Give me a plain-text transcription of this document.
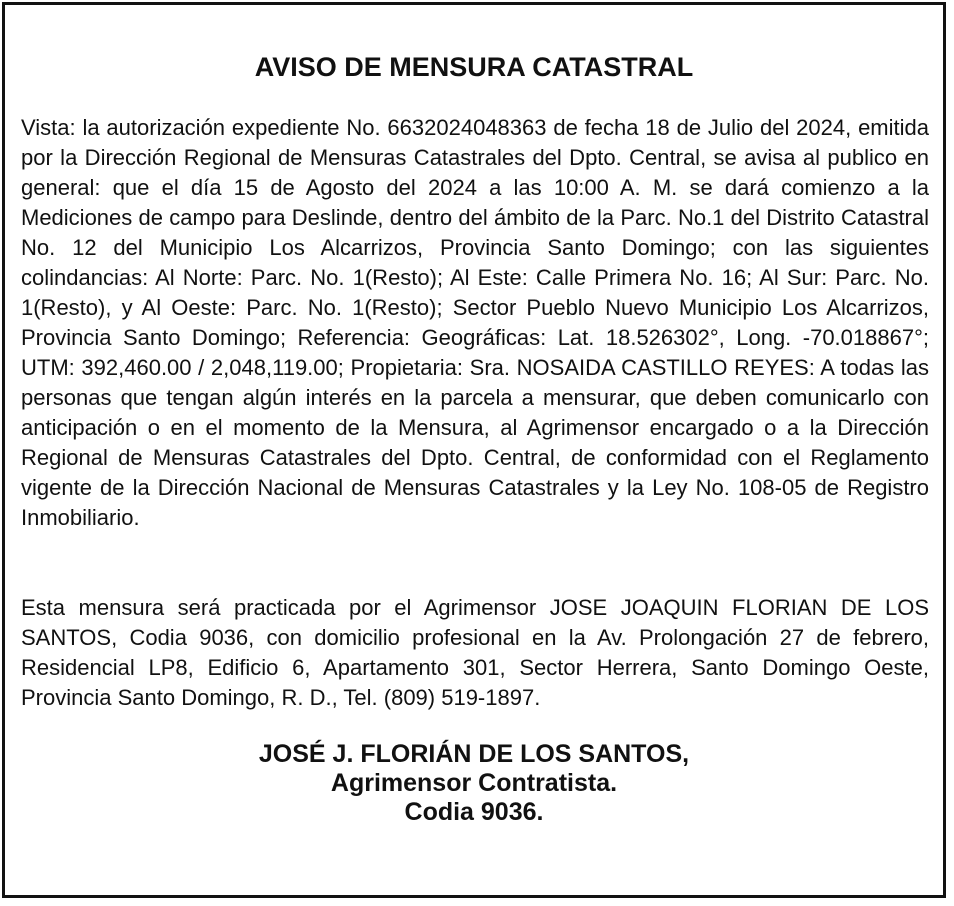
AVISO DE MENSURA CATASTRAL

Vista: la autorización expediente No. 6632024048363 de fecha 18 de Julio del 2024, emitida por la Dirección Regional de Mensuras Catastrales del Dpto. Central, se avisa al publico en general: que el día 15 de Agosto del 2024 a las 10:00 A. M. se dará comienzo a la Mediciones de campo para Deslinde, dentro del ámbito de la Parc. No.1 del Distrito Catastral No. 12 del Municipio Los Alcarrizos, Provincia Santo Domingo; con las siguientes colindancias: Al Norte: Parc. No. 1(Resto); Al Este: Calle Primera No. 16; Al Sur: Parc. No. 1(Resto), y Al Oeste: Parc. No. 1(Resto); Sector Pueblo Nuevo Municipio Los Alcarrizos, Provincia Santo Domingo; Referencia: Geográficas: Lat. 18.526302°, Long. -70.018867°; UTM: 392,460.00 / 2,048,119.00; Propietaria: Sra. NOSAIDA CASTILLO REYES: A todas las personas que tengan algún interés en la parcela a mensurar, que deben comunicarlo con anticipación o en el momento de la Mensura, al Agrimensor encargado o a la Dirección Regional de Mensuras Catastrales del Dpto. Central, de conformidad con el Reglamento vigente de la Dirección Nacional de Mensuras Catastrales y la Ley No. 108-05 de Registro Inmobiliario.

Esta mensura será practicada por el Agrimensor JOSE JOAQUIN FLORIAN DE LOS SANTOS, Codia 9036, con domicilio profesional en la Av. Prolongación 27 de febrero, Residencial LP8, Edificio 6, Apartamento 301, Sector Herrera, Santo Domingo Oeste, Provincia Santo Domingo, R. D., Tel. (809) 519-1897.

JOSÉ J. FLORIÁN DE LOS SANTOS,
Agrimensor Contratista.
Codia 9036.
